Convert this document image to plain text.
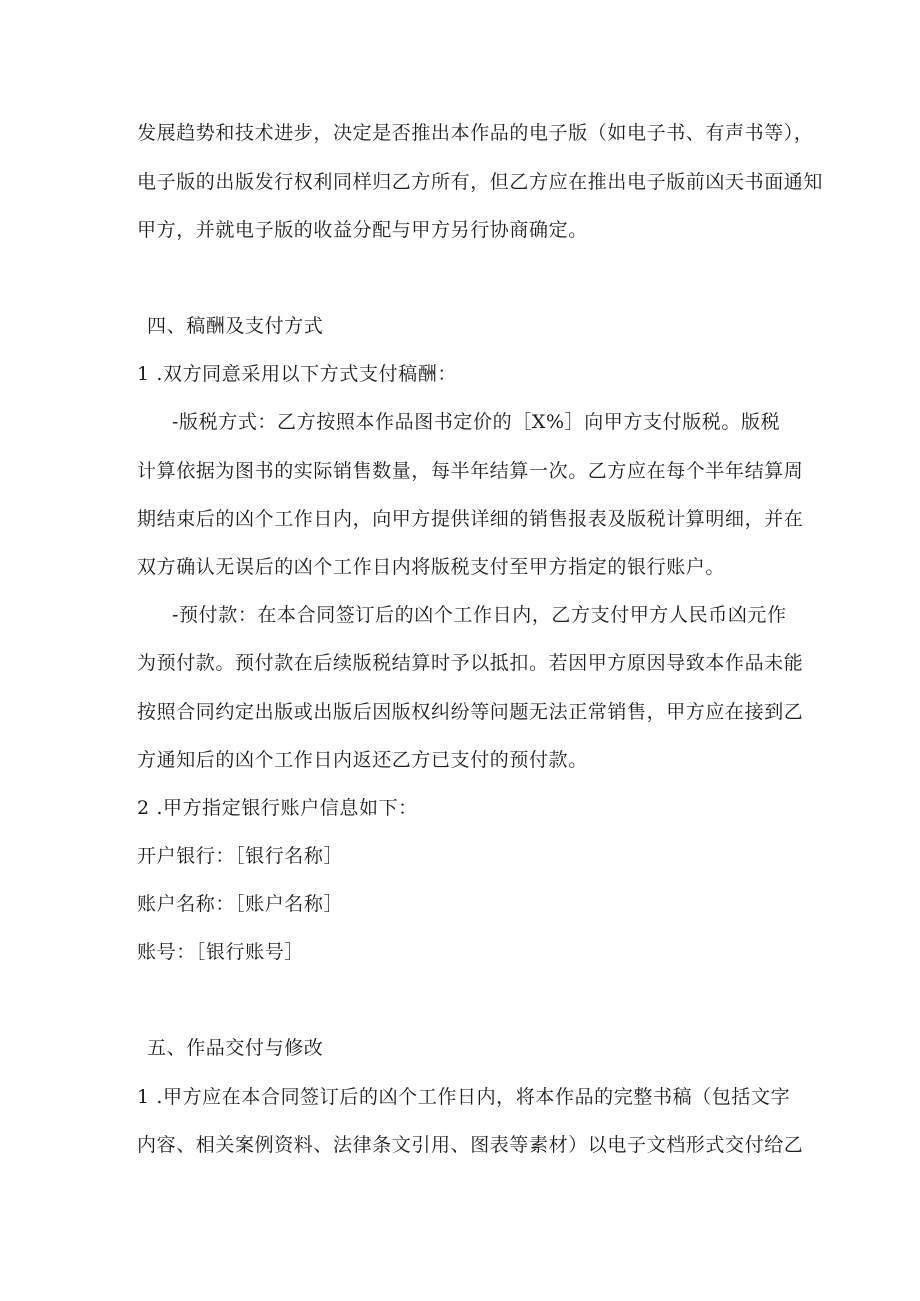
发展趋势和技术进步，决定是否推出本作品的电子版（如电子书、有声书等），
电子版的出版发行权利同样归乙方所有，但乙方应在推出电子版前凶天书面通知
甲方，并就电子版的收益分配与甲方另行协商确定。
四、稿酬及支付方式
1 .双方同意采用以下方式支付稿酬：
-版税方式：乙方按照本作品图书定价的［X%］向甲方支付版税。版税
计算依据为图书的实际销售数量，每半年结算一次。乙方应在每个半年结算周
期结束后的凶个工作日内，向甲方提供详细的销售报表及版税计算明细，并在
双方确认无误后的凶个工作日内将版税支付至甲方指定的银行账户。
-预付款：在本合同签订后的凶个工作日内，乙方支付甲方人民币凶元作
为预付款。预付款在后续版税结算时予以抵扣。若因甲方原因导致本作品未能
按照合同约定出版或出版后因版权纠纷等问题无法正常销售，甲方应在接到乙
方通知后的凶个工作日内返还乙方已支付的预付款。
2 .甲方指定银行账户信息如下：
开户银行：［银行名称］
账户名称：［账户名称］
账号：［银行账号］
五、作品交付与修改
1 .甲方应在本合同签订后的凶个工作日内，将本作品的完整书稿（包括文字
内容、相关案例资料、法律条文引用、图表等素材）以电子文档形式交付给乙
